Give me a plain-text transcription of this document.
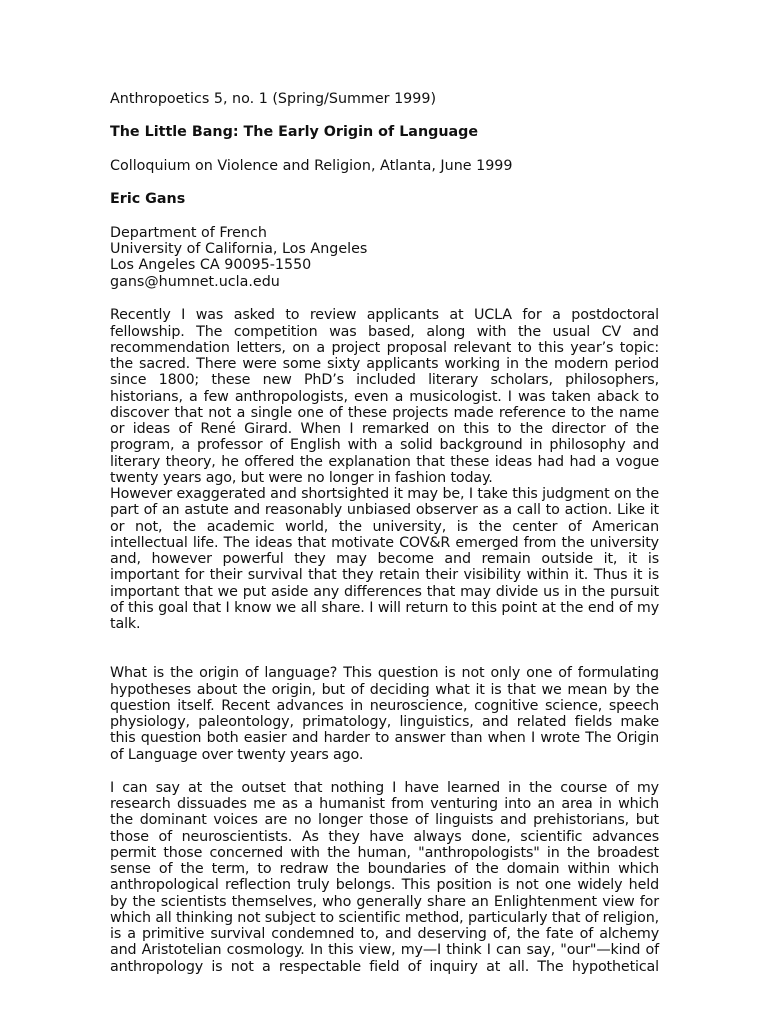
Anthropoetics 5, no. 1 (Spring/Summer 1999)

The Little Bang: The Early Origin of Language

Colloquium on Violence and Religion, Atlanta, June 1999

Eric Gans

Department of French
University of California, Los Angeles
Los Angeles CA 90095-1550
gans@humnet.ucla.edu

Recently I was asked to review applicants at UCLA for a postdoctoral fellowship. The competition was based, along with the usual CV and recommendation letters, on a project proposal relevant to this year’s topic: the sacred. There were some sixty applicants working in the modern period since 1800; these new PhD’s included literary scholars, philosophers, historians, a few anthropologists, even a musicologist. I was taken aback to discover that not a single one of these projects made reference to the name or ideas of René Girard. When I remarked on this to the director of the program, a professor of English with a solid background in philosophy and literary theory, he offered the explanation that these ideas had had a vogue twenty years ago, but were no longer in fashion today.

However exaggerated and shortsighted it may be, I take this judgment on the part of an astute and reasonably unbiased observer as a call to action. Like it or not, the academic world, the university, is the center of American intellectual life. The ideas that motivate COV&R emerged from the university and, however powerful they may become and remain outside it, it is important for their survival that they retain their visibility within it. Thus it is important that we put aside any differences that may divide us in the pursuit of this goal that I know we all share. I will return to this point at the end of my talk.

What is the origin of language? This question is not only one of formulating hypotheses about the origin, but of deciding what it is that we mean by the question itself. Recent advances in neuroscience, cognitive science, speech physiology, paleontology, primatology, linguistics, and related fields make this question both easier and harder to answer than when I wrote The Origin of Language over twenty years ago.

I can say at the outset that nothing I have learned in the course of my research dissuades me as a humanist from venturing into an area in which the dominant voices are no longer those of linguists and prehistorians, but those of neuroscientists. As they have always done, scientific advances permit those concerned with the human, "anthropologists" in the broadest sense of the term, to redraw the boundaries of the domain within which anthropological reflection truly belongs. This position is not one widely held by the scientists themselves, who generally share an Enlightenment view for which all thinking not subject to scientific method, particularly that of religion, is a primitive survival condemned to, and deserving of, the fate of alchemy and Aristotelian cosmology. In this view, my—I think I can say, "our"—kind of anthropology is not a respectable field of inquiry at all. The hypothetical
